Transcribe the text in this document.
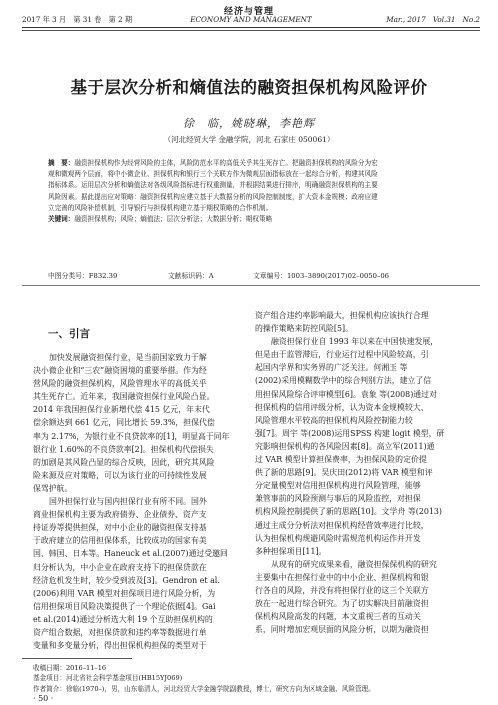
经济与管理
2017 年 3 月　第 31 卷　第 2 期	ECONOMY AND MANAGEMENT	Mar., 2017　Vol.31　No.2
基于层次分析和熵值法的融资担保机构风险评价
徐　临，姚晓琳，李艳辉
（河北经贸大学 金融学院，河北 石家庄 050061）
摘　要：融资担保机构作为经营风险的主体，风险防范水平的高低关乎其生死存亡。把融资担保机构的风险分为宏
观和微观两个层面，将中小微企业、担保机构和银行三个关联方作为微观层面指标放在一起综合分析，构建其风险
指标体系。运用层次分析和熵值法对各级风险指标进行权重测量，并根据结果进行排序，明确融资担保机构的主要
风险因素。据此提出应对策略：融资担保机构应建立基于大数据分析的风险控制制度，扩大资本金规模；政府应建
立完善的风险补偿机制，引导银行与担保机构建立基于期权策略的合作机制。
关键词：融资担保机构；风险；熵值法；层次分析法；大数据分析；期权策略
中图分类号：F832.39	文献标识码：A	文章编号：1003–3890(2017)02–0050–06
一、引言
加快发展融资担保行业，是当前国家致力于解
决小微企业和“三农”融资困境的重要举措。作为经
营风险的融资担保机构，风险管理水平的高低关乎
其生死存亡。近年来，我国融资担保行业风险凸显。
2014 年我国担保行业新增代偿 415 亿元，年末代
偿余额达到 661 亿元，同比增长 59.3%，担保代偿
率为 2.17%，为银行业不良贷款率的[1]，明显高于同年
银行业 1.60%的不良贷款率[2]。担保机构代偿损失
的加剧是其风险凸显的综合反映，因此，研究其风险
险来源及应对策略，可以为该行业的可持续性发展
保驾护航。
国外担保行业与国内担保行业有所不同。国外
商业担保机构主要为政府债券、企业债券、资产支
持证券等提供担保，对中小企业的融资担保支持基
于政府建立的信用担保体系，比较成功的国家有美
国、韩国、日本等。Haneuck et al.(2007)通过受邀回
归分析认为，中小企业在政府支持下的担保贷款在
经济危机发生时，较少受到波及[3]。Gendron et al.
(2006)利用 VAR 模型对担保项目进行风险分析，为
信用担保项目风险决策提供了一个理论依据[4]。Gai
et al.(2014)通过分析选大利 19 个互助担保机构的
资产组合数据，对担保贷款和违约率等数据进行单
变量和多变量分析，得出担保机构担保的类型对于
资产组合违约率影响最大，担保机构应该执行合理
的操作策略来防控风险[5]。
融资担保行业自 1993 年以来在中国快速发展，
但是由于监管滞后，行业运行过程中风险较高，引
起国内学界和实务界的广泛关注。何湘玉 等
(2002)采用模糊数学中的综合判别方法，建立了信
用担保风险综合评审模型[6]。袁象 等(2008)通过对
担保机构的信用评级分析，认为资本金规模较大、
风险管理水平较高的担保机构风险控制能力较
强[7]。周宇 等(2008)运用SPSS 构建 logit 模型，研
究影响担保机构的各风险因素[8]。高立军(2011)通
过 VAR 模型计算担保费率，为担保风险的定价提
供了新的思路[9]。吴庆田(2012)将 VAR 模型和评
分定量模型对信用担保机构进行风险管理，能够
兼管事前的风险预测与事后的风险监控，对担保
机构风险控制提供了新的思路[10]。文学舟 等(2013)
通过主成分分析法对担保机构经营效率进行比较，
认为担保机构规避风险时需规范机构运作并开发
多种担保项目[11]。
从现有的研究成果来看，融资担保保机构的研究
主要集中在担保行业中的中小企业、担保机构和银
行各自的风险，并没有将担保行业的这三个关联方
放在一起进行综合研究。为了切实解决目前融资担
保机构风险高发的问题，本文重视三者的互动关
系，同时增加宏观层面的风险分析，以期为融资担
收稿日期：2016–11–16
基金项目：河北省社会科学基金项目(HB15YJ069)
作者简介：徐临(1970–)，男，山东临清人，河北经贸大学金融学院副教授，博士，研究方向为区域金融、风险管理。
· 50 ·
